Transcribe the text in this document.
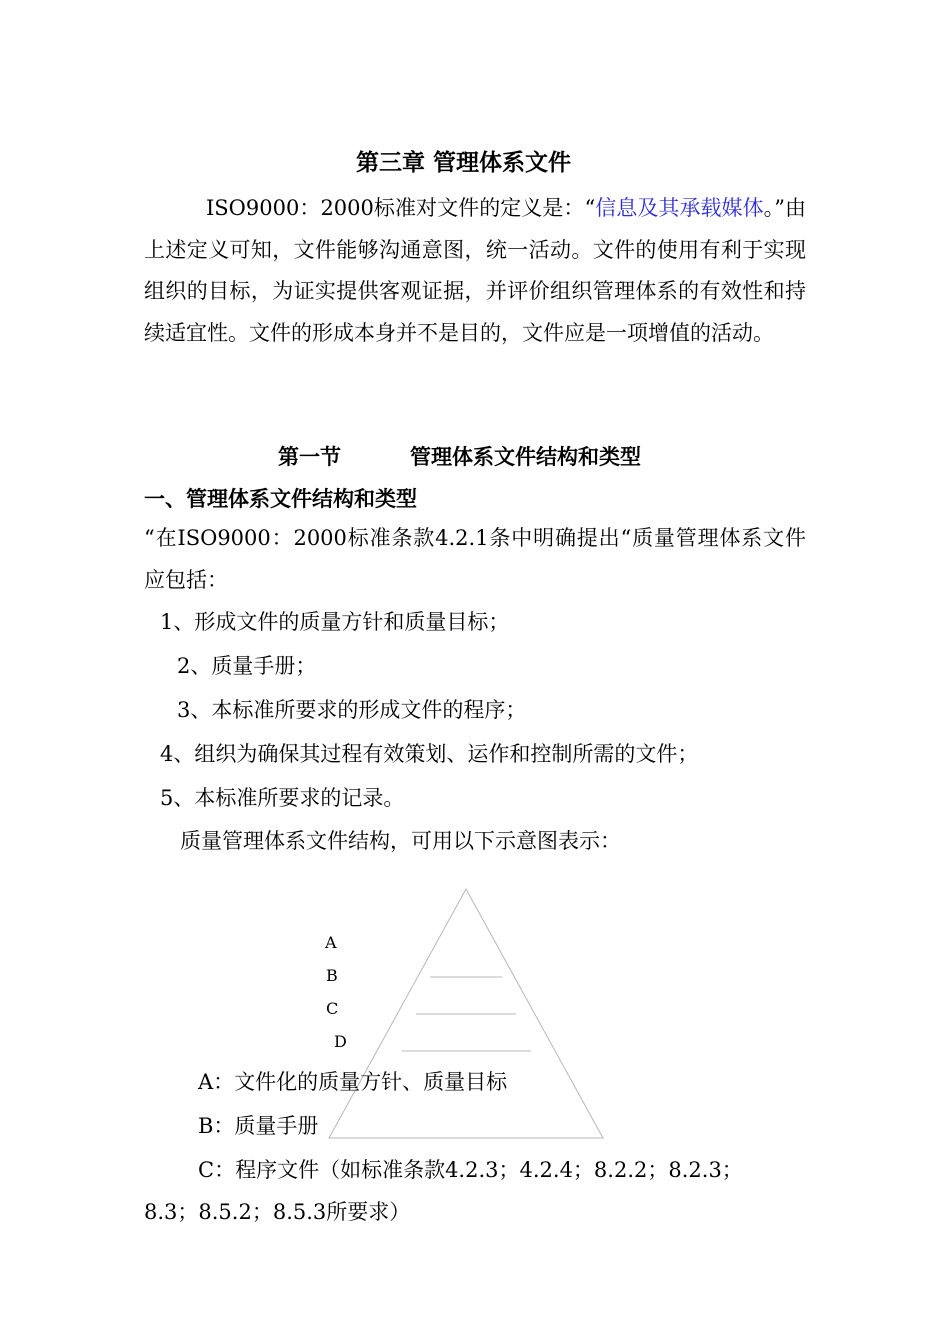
第三章 管理体系文件
ISO9000：2000标准对文件的定义是：“信息及其承载媒体。”由上述定义可知，文件能够沟通意图，统一活动。文件的使用有利于实现组织的目标，为证实提供客观证据，并评价组织管理体系的有效性和持续适宜性。文件的形成本身并不是目的，文件应是一项增值的活动。
第一节	管理体系文件结构和类型
一、管理体系文件结构和类型
“在ISO9000：2000标准条款4.2.1条中明确提出“质量管理体系文件应包括：
1、形成文件的质量方针和质量目标；
2、质量手册；
3、本标准所要求的形成文件的程序；
4、组织为确保其过程有效策划、运作和控制所需的文件；
5、本标准所要求的记录。
质量管理体系文件结构，可用以下示意图表示：
A
B
C
D
A：文件化的质量方针、质量目标
B：质量手册
C：程序文件（如标准条款4.2.3；4.2.4；8.2.2；8.2.3；
8.3；8.5.2；8.5.3所要求）
